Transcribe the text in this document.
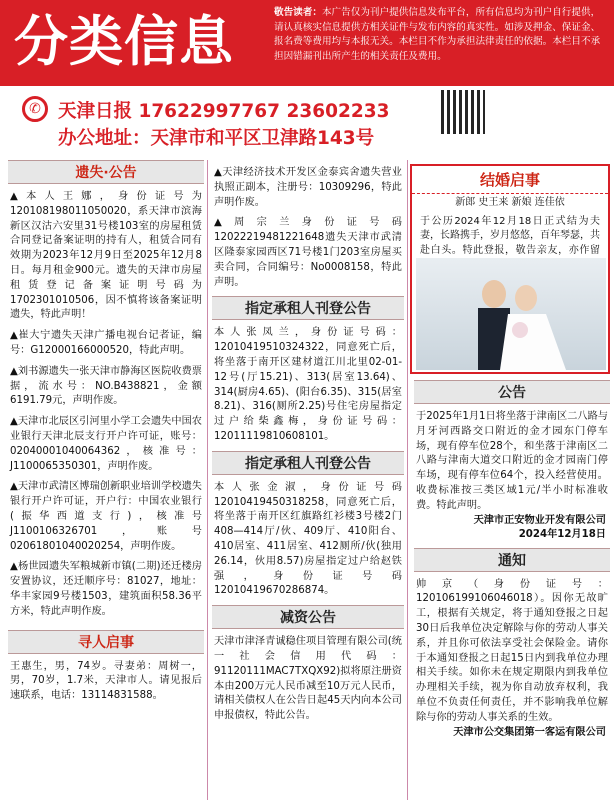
分类信息	敬告读者：本广告仅为刊户提供信息发布平台，所有信息均为刊户自行提供，请认真核实信息提供方相关证件与发布内容的真实性。如涉及押金、保证金、报名费等费用均与本报无关。本栏目不作为承担法律责任的依据。本栏目不承担因错漏刊出所产生的相关责任及费用。
✆ 天津日报 17622997767 23602233
办公地址：天津市和平区卫津路143号
遗失·公告
▲本人王娜，身份证号为120108198011050020，系天津市滨海新区汉沽六安里31号楼103室的房屋租赁合同登记备案证明的持有人，租赁合同有效期为2023年12月9日至2025年12月8日。每月租金900元。遗失的天津市房屋租赁登记备案证明号码为1702301010506，因不慎将该备案证明遗失，特此声明！
▲崔大宁遗失天津广播电视台记者证，编号：G12000166000520，特此声明。
▲刘书源遗失一张天津市静海区医院收费票据，流水号：NO.B438821，金额6191.79元，声明作废。
▲天津市北辰区引河里小学工会遗失中国农业银行天津北辰支行开户许可证，账号：02040001040064362，核准号：J1100065350301，声明作废。
▲天津市武清区博瑞创新职业培训学校遗失银行开户许可证，开户行：中国农业银行(振华西道支行)，核准号J1100106326701，账号02061801040020254，声明作废。
▲杨世园遗失军粮城新市镇(二期)还迁楼房安置协议，还迁顺序号：81027，地址：华丰家园9号楼1503，建筑面积58.36平方米，特此声明作废。
寻人启事
王惠生，男，74岁。寻妻弟：周树一，男，70岁，1.7米，天津市人。请见报后速联系，电话：13114831588。
▲天津经济技术开发区金泰宾舍遗失营业执照正副本，注册号：10309296，特此声明作废。
▲周宗兰身份证号码12022219481221648遗失天津市武清区隆泰家园西区71号楼1门203室房屋买卖合同，合同编号：No0008158，特此声明。
指定承租人刊登公告
本人张凤兰，身份证号码：12010419510324322，同意死亡后，将坐落于南开区建材道江川北里02-01-12号(厅15.21)、313(居室13.64)、314(厨房4.65)、(阳台6.35)、315(居室8.21)、316(厕所2.25)号住宅房屋指定过户给柴鑫梅，身份证号码：12011119810608101。
指定承租人刊登公告
本人张金淑，身份证号码12010419450318258，同意死亡后，将坐落于南开区红旗路红衫楼3号楼2门408—414厅/伙、409厅、410阳台、410居室、411居室、412厕所/伙(独用26.14，伙用8.57)房屋指定过户给赵铁强，身份证号码12010419670286874。
减资公告
天津市津泽青诚稳住项目管理有限公司(统一社会信用代码：91120111MAC7TXQX92)拟将原注册资本由200万元人民币减至10万元人民币，请相关债权人在公告日起45天内向本公司申报债权，特此公告。
结婚启事
新郎 史王来 新娘 连佳依
于公历2024年12月18日正式结为夫妻，长路携手，岁月悠悠，百年琴瑟，共赴白头。特此登报，敬告亲友，亦作留
公告
于2025年1月1日将坐落于津南区二八路与月牙河西路交口附近的金才园东门停车场，现有停车位28个，和坐落于津南区二八路与津南大道交口附近的金才园南门停车场，现有停车位64个，投入经营使用。收费标准按三类区域1元/半小时标准收费。特此声明。
天津市正安物业开发有限公司
2024年12月18日
通知
帅京（身份证号：120106199106046018）。因你无故旷工，根据有关规定，将于通知登报之日起30日后我单位决定解除与你的劳动人事关系，并且你可依法享受社会保险金。请你于本通知登报之日起15日内到我单位办理相关手续。如你未在规定期限内到我单位办理相关手续，视为你自动放弃权利，我单位不负责任何责任，并不影响我单位解除与你的劳动人事关系的生效。
天津市公交集团第一客运有限公司
